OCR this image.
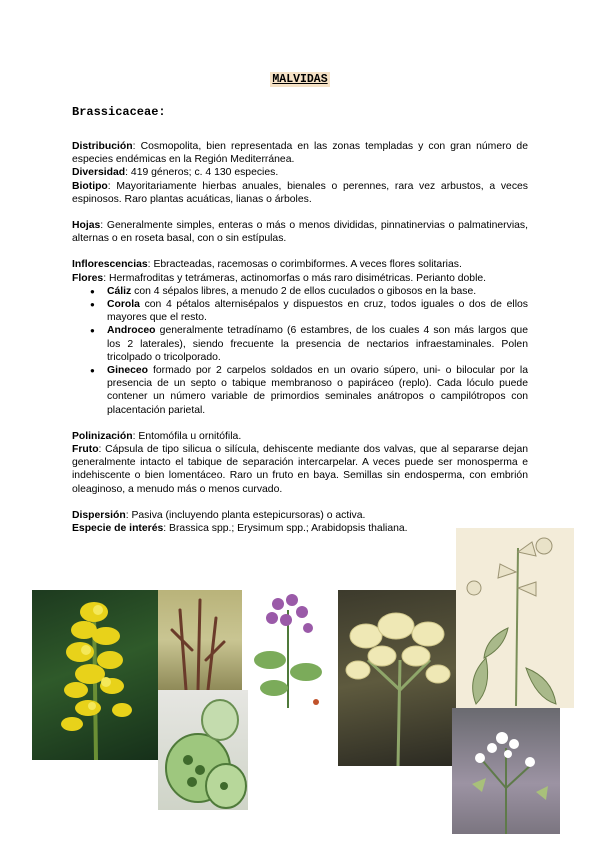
MALVIDAS
Brassicaceae:

Distribución: Cosmopolita, bien representada en las zonas templadas y con gran número de especies endémicas en la Región Mediterránea.

Diversidad: 419 géneros; c. 4 130 especies.

Biotipo: Mayoritariamente hierbas anuales, bienales o perennes, rara vez arbustos, a veces espinosos. Raro plantas acuáticas, lianas o árboles.

Hojas: Generalmente simples, enteras o más o menos divididas, pinnatinervias o palmatinervias, alternas o en roseta basal, con o sin estípulas.

Inflorescencias: Ebracteadas, racemosas o corimbiformes. A veces flores solitarias.

Flores: Hermafroditas y tetrámeras, actinomorfas o más raro disimétricas. Perianto doble.

● Cáliz con 4 sépalos libres, a menudo 2 de ellos cuculados o gibosos en la base.
● Corola con 4 pétalos alternisépalos y dispuestos en cruz, todos iguales o dos de ellos mayores que el resto.
● Androceo generalmente tetradínamo (6 estambres, de los cuales 4 son más largos que los 2 laterales), siendo frecuente la presencia de nectarios infraestaminales. Polen tricolpado o tricolporado.
● Gineceo formado por 2 carpelos soldados en un ovario súpero, uni- o bilocular por la presencia de un septo o tabique membranoso o papiráceo (replo). Cada lóculo puede contener un número variable de primordios seminales anátropos o campilótropos con placentación parietal.

Polinización: Entomófila u ornitófila.

Fruto: Cápsula de tipo silicua o silícula, dehiscente mediante dos valvas, que al separarse dejan generalmente intacto el tabique de separación intercarpelar. A veces puede ser monosperma e indehiscente o bien lomentáceo. Raro un fruto en baya. Semillas sin endosperma, con embrión oleaginoso, a menudo más o menos curvado.

Dispersión: Pasiva (incluyendo planta estepicursoras) o activa.

Especie de interés: Brassica spp.; Erysimum spp.; Arabidopsis thaliana.
